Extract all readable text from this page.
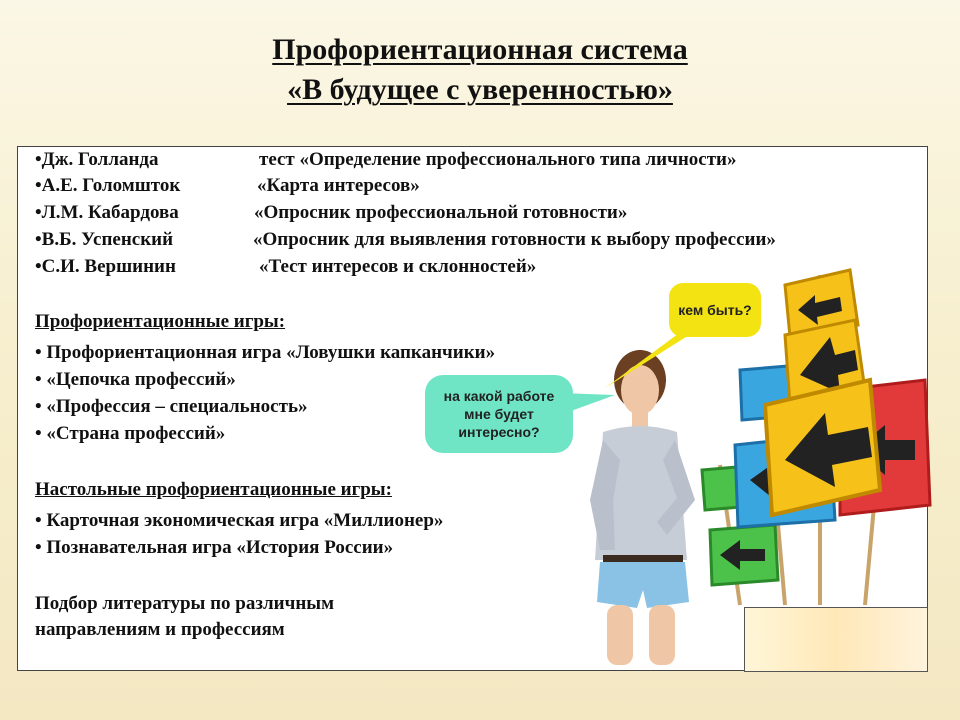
Профориентационная система
«В будущее с уверенностью»
•Дж. Голланда	тест «Определение профессионального типа личности»
•А.Е. Голомшток	«Карта интересов»
•Л.М. Кабардова	«Опросник профессиональной готовности»
•В.Б. Успенский	«Опросник для выявления готовности к выбору профессии»
•С.И. Вершинин	«Тест интересов и склонностей»
Профориентационные игры:
• Профориентационная игра «Ловушки капканчики»
• «Цепочка профессий»
• «Профессия – специальность»
• «Страна профессий»
Настольные профориентационные игры:
• Карточная экономическая игра «Миллионер»
• Познавательная игра «История России»
Подбор литературы по различным
направлениям и профессиям
кем быть?
на какой работе
мне будет
интересно?
